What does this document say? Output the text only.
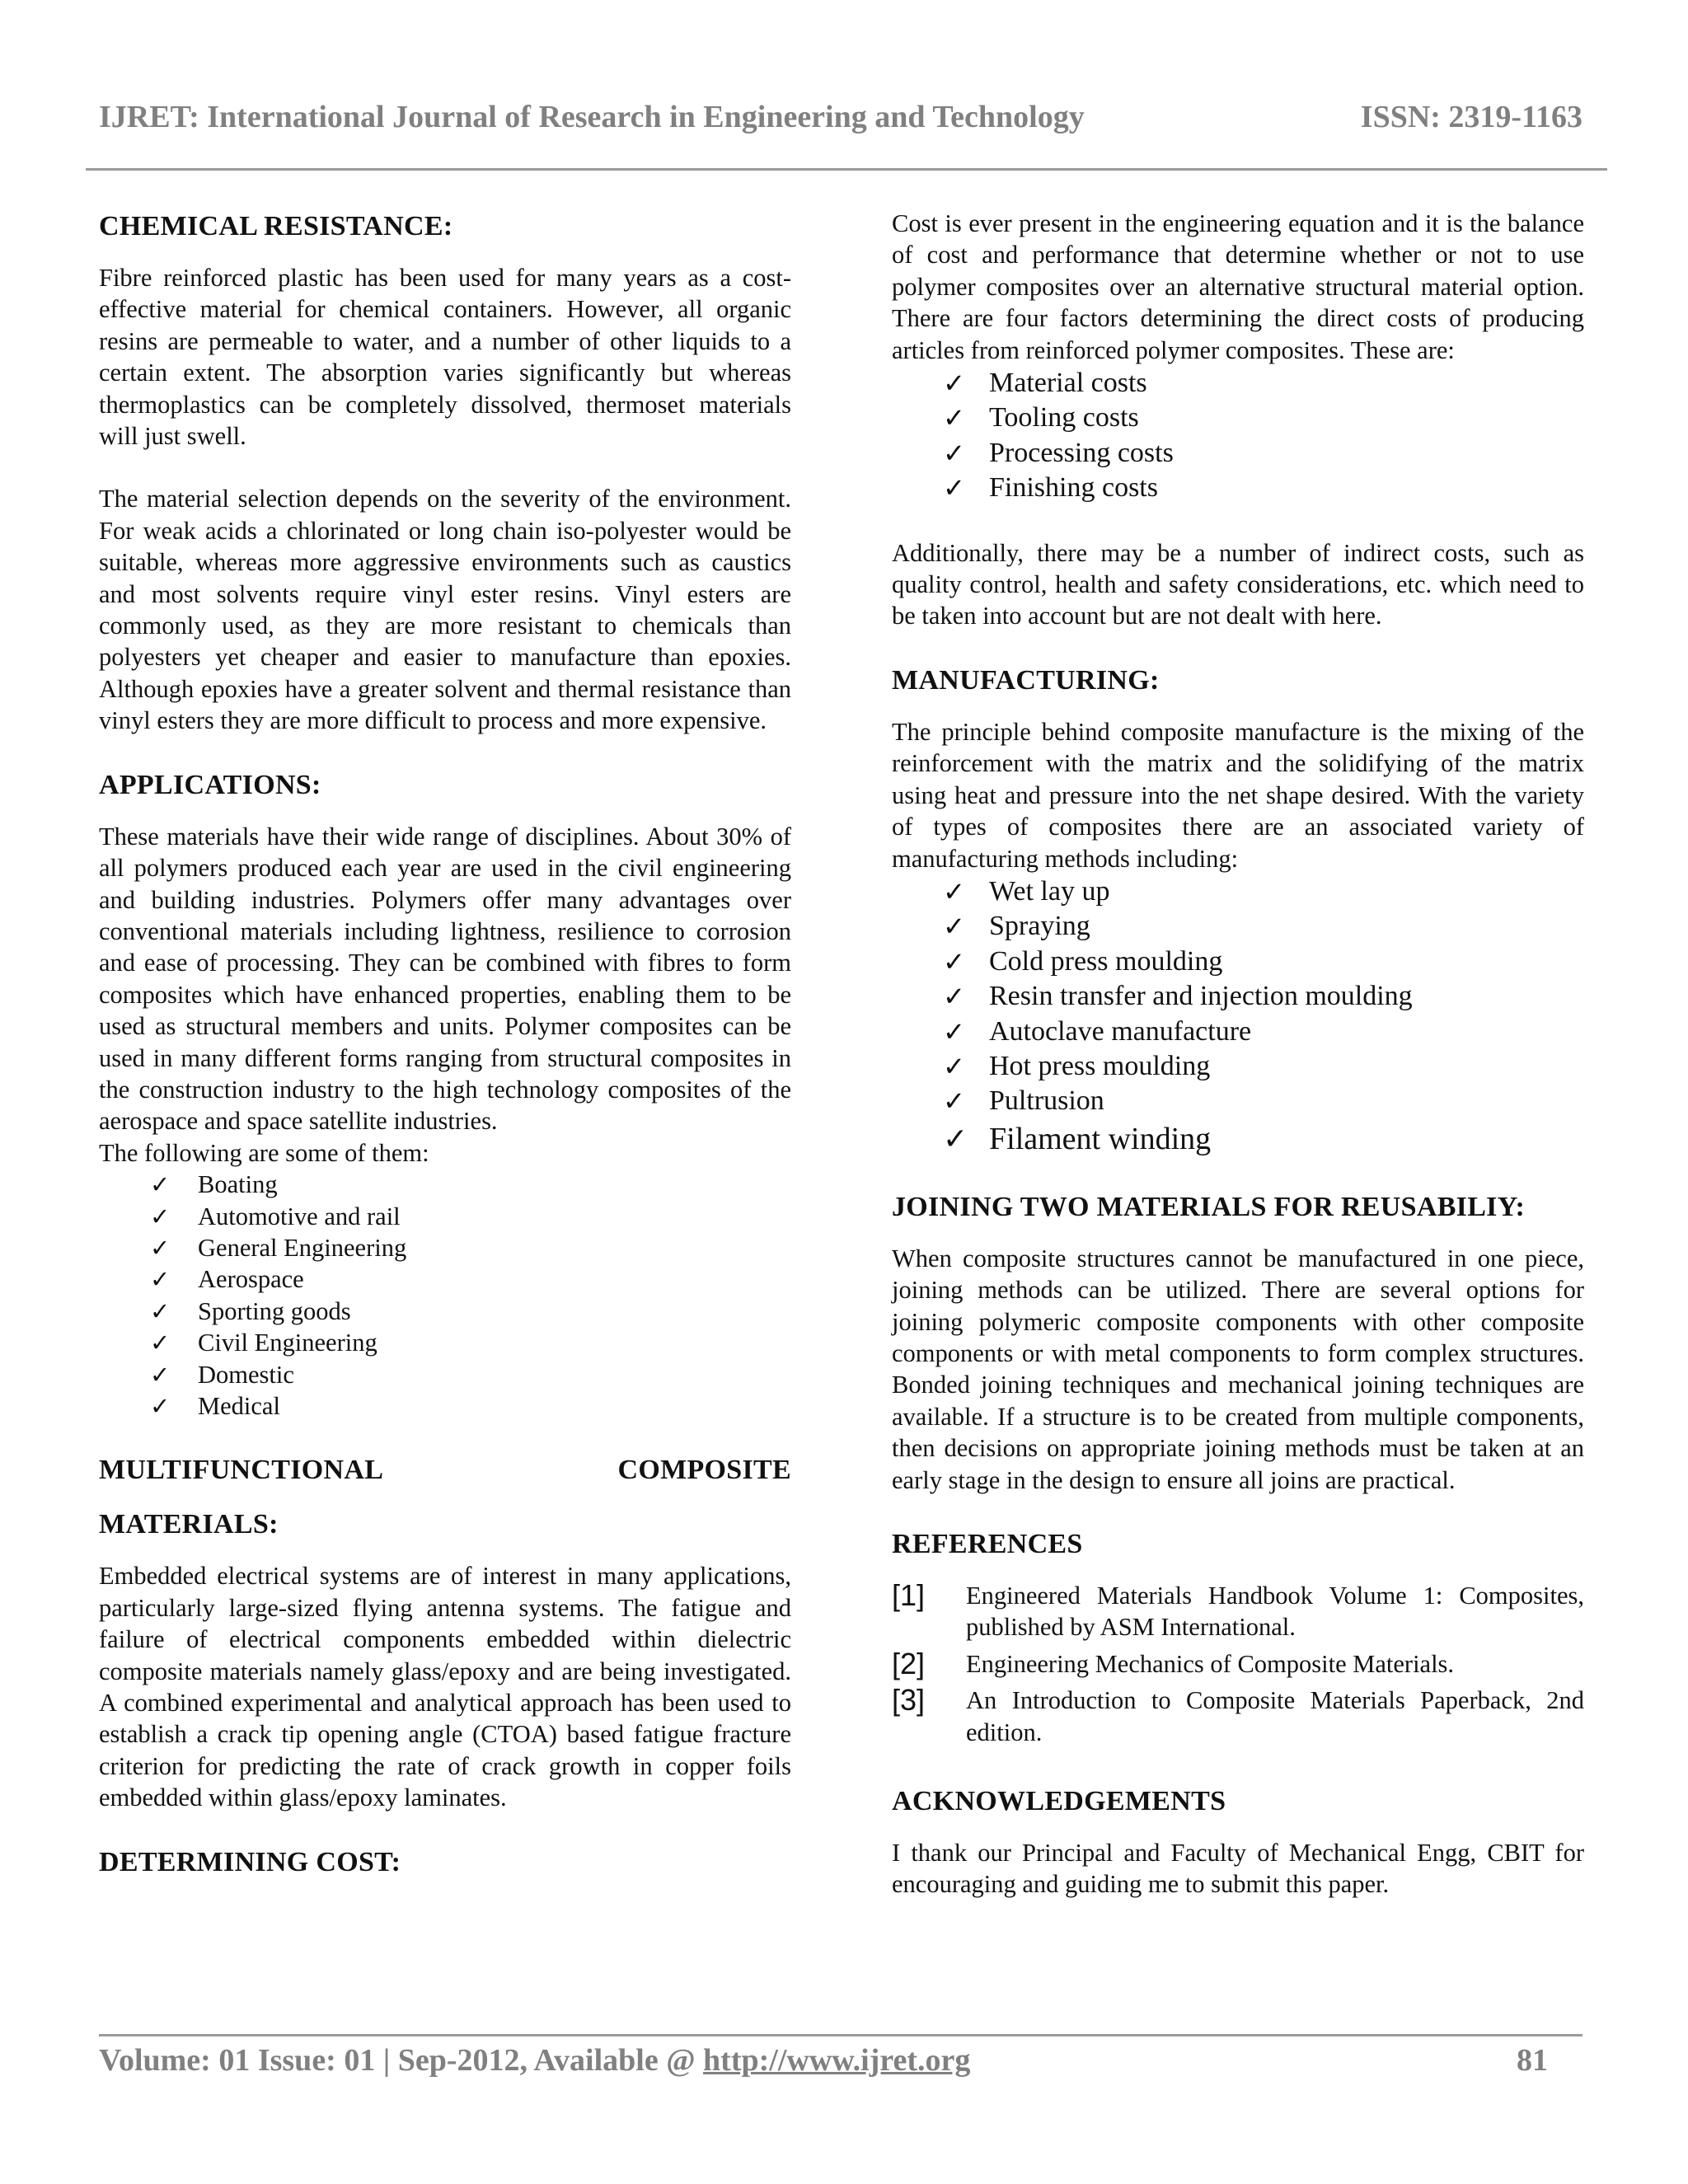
IJRET: International Journal of Research in Engineering and Technology	ISSN: 2319-1163
CHEMICAL RESISTANCE:

Fibre reinforced plastic has been used for many years as a cost-effective material for chemical containers. However, all organic resins are permeable to water, and a number of other liquids to a certain extent. The absorption varies significantly but whereas thermoplastics can be completely dissolved, thermoset materials will just swell.

The material selection depends on the severity of the environment. For weak acids a chlorinated or long chain iso-polyester would be suitable, whereas more aggressive environments such as caustics and most solvents require vinyl ester resins. Vinyl esters are commonly used, as they are more resistant to chemicals than polyesters yet cheaper and easier to manufacture than epoxies. Although epoxies have a greater solvent and thermal resistance than vinyl esters they are more difficult to process and more expensive.

APPLICATIONS:

These materials have their wide range of disciplines. About 30% of all polymers produced each year are used in the civil engineering and building industries. Polymers offer many advantages over conventional materials including lightness, resilience to corrosion and ease of processing. They can be combined with fibres to form composites which have enhanced properties, enabling them to be used as structural members and units. Polymer composites can be used in many different forms ranging from structural composites in the construction industry to the high technology composites of the aerospace and space satellite industries.

The following are some of them:

✓ Boating
✓ Automotive and rail
✓ General Engineering
✓ Aerospace
✓ Sporting goods
✓ Civil Engineering
✓ Domestic
✓ Medical
MULTIFUNCTIONAL	COMPOSITE
MATERIALS:

Embedded electrical systems are of interest in many applications, particularly large-sized flying antenna systems. The fatigue and failure of electrical components embedded within dielectric composite materials namely glass/epoxy and are being investigated. A combined experimental and analytical approach has been used to establish a crack tip opening angle (CTOA) based fatigue fracture criterion for predicting the rate of crack growth in copper foils embedded within glass/epoxy laminates.

DETERMINING COST:

Cost is ever present in the engineering equation and it is the balance of cost and performance that determine whether or not to use polymer composites over an alternative structural material option. There are four factors determining the direct costs of producing articles from reinforced polymer composites. These are:

✓ Material costs
✓ Tooling costs
✓ Processing costs
✓ Finishing costs

Additionally, there may be a number of indirect costs, such as quality control, health and safety considerations, etc. which need to be taken into account but are not dealt with here.

MANUFACTURING:

The principle behind composite manufacture is the mixing of the reinforcement with the matrix and the solidifying of the matrix using heat and pressure into the net shape desired. With the variety of types of composites there are an associated variety of manufacturing methods including:

✓ Wet lay up
✓ Spraying
✓ Cold press moulding
✓ Resin transfer and injection moulding
✓ Autoclave manufacture
✓ Hot press moulding
✓ Pultrusion
✓ Filament winding
JOINING TWO MATERIALS FOR REUSABILIY:

When composite structures cannot be manufactured in one piece, joining methods can be utilized. There are several options for joining polymeric composite components with other composite components or with metal components to form complex structures. Bonded joining techniques and mechanical joining techniques are available. If a structure is to be created from multiple components, then decisions on appropriate joining methods must be taken at an early stage in the design to ensure all joins are practical.

REFERENCES
[1]	Engineered Materials Handbook Volume 1: Composites, published by ASM International.
[2]	Engineering Mechanics of Composite Materials.
[3]	An Introduction to Composite Materials Paperback, 2nd edition.
ACKNOWLEDGEMENTS

I thank our Principal and Faculty of Mechanical Engg, CBIT for encouraging and guiding me to submit this paper.

Volume: 01 Issue: 01 | Sep-2012, Available @ http://www.ijret.org	81
